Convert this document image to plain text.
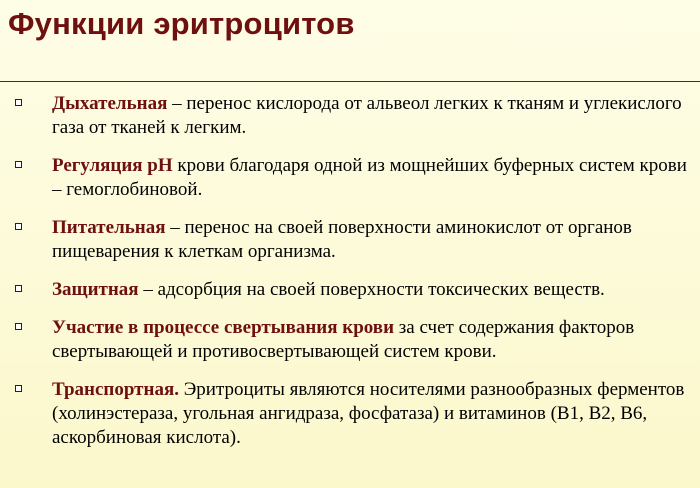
Функции эритроцитов
Дыхательная – перенос кислорода от альвеол легких к тканям и углекислого газа от тканей к легким.
Регуляция рН крови благодаря одной из мощнейших буферных систем крови – гемоглобиновой.
Питательная – перенос на своей поверхности аминокислот от органов пищеварения к клеткам организма.
Защитная – адсорбция на своей поверхности токсических веществ.
Участие в процессе свертывания крови за счет содержания факторов свертывающей и противосвертывающей систем крови.
Транспортная. Эритроциты являются носителями разнообразных ферментов (холинэстераза, угольная ангидраза, фосфатаза) и витаминов (В1, В2, В6, аскорбиновая кислота).
